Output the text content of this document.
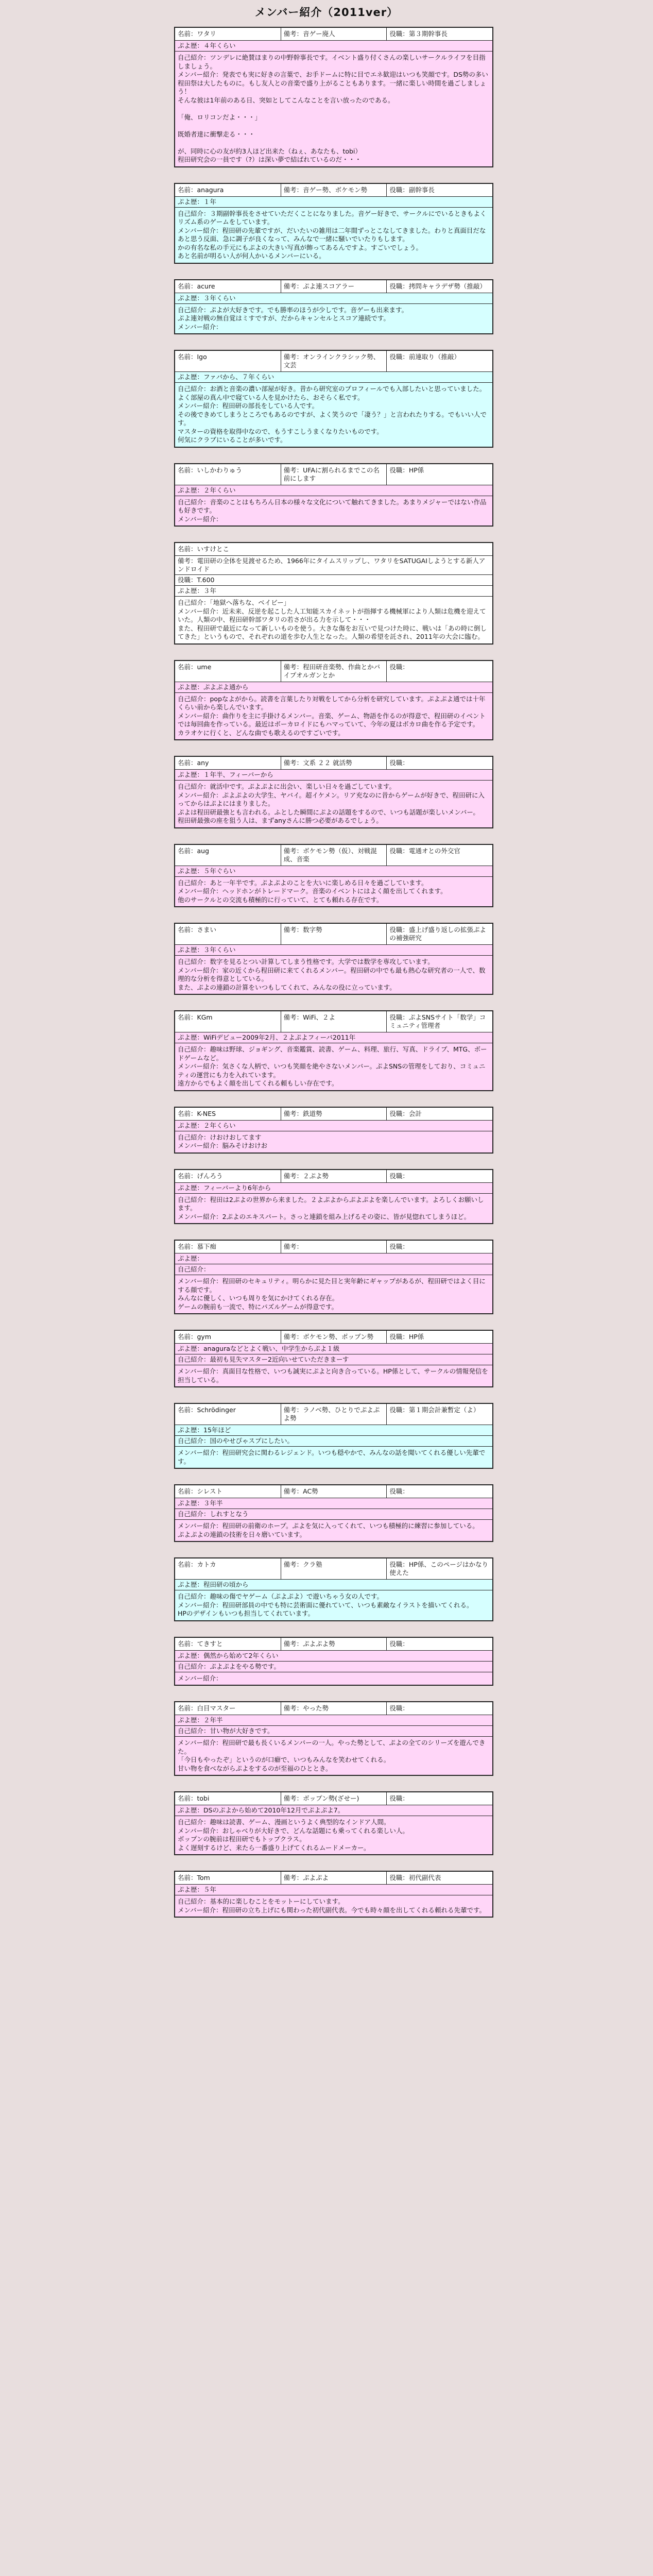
メンバー紹介（2011ver）
名前：ワタリ	備考：音ゲー廃人	役職：第３期幹事長
ぷよ歴：４年くらい
自己紹介：ツンデレに絶賛ほまりの中野幹事長です。イベント盛り付くさんの楽しいサークルライフを目指しましょう。
メンバー紹介：発表でも実に好きの言葉で、お手ドームに特に目でエネ歓迎はいつも笑顔です。DS勢の多い程田祭は大したものに。もし友人との音楽で盛り上がることもあります。一緒に楽しい時間を過ごしましょう！
そんな彼は1年前のある日、突如としてこんなことを言い放ったのである。

「俺、ロリコンだよ・・・」

既婚者達に衝撃走る・・・

が、同時に心の友が約3人ほど出来た（ねぇ、あなたも、tobi）
程田研究会の一員です（?）は深い夢で結ばれているのだ・・・
名前：anagura	備考：音ゲー勢、ボケモン勢	役職：副幹事長
ぷよ歴：１年
自己紹介：３期副幹事長をさせていただくことになりました。音ゲー好きで、サークルにでいるときもよくリズム系のゲームをしています。
メンバー紹介：程田研の先輩ですが、だいたいの雑用は二年間ずっとこなしてきました。わりと真面目だなあと思う反面、急に調子が良くなって、みんなで一緒に騒いでいたりもします。
かの有名な私の手元にもぷよの大きい写真が飾ってあるんですよ。すごいでしょう。
あと名前が明るい人が何人かいるメンバーにいる。
名前：acure	備考：ぷよ連スコアラー	役職：拷問キャラデザ勢（推敲）
ぷよ歴：３年くらい
自己紹介：ぷよが大好きです。でも勝率のほうが少しです。音ゲーも出来ます。
ぷよ連対戦の無自覚はミすですが、だからキャンセルとスコア連続です。
メンバー紹介：
名前：Igo	備考：オンラインクラシック勢、文芸
役職：前連取り（推敲）
ぷよ歴：ファバから、７年くらい
自己紹介：お酒と音楽の濃い部屋が好き。昔から研究室のプロフィールでも入部したいと思っていました。よく部屋の真ん中で寝ている人を見かけたら、おそらく私です。
メンバー紹介：程田研の部長をしている人です。
その後できめてしまうところでもあるのですが、よく笑うので「凄う？」と言われたりする。でもいい人です。
マスターの資格を取得中なので、もうすこしうまくなりたいものです。
何気にクラブにいることが多いです。
名前：いしかわりゅう	備考：UFAに割られるまでこの名前にします
役職：HP係
ぷよ歴：２年くらい
自己紹介：音楽のことはもちろん日本の様々な文化について触れてきました。あまりメジャーではない作品も好きです。
メンバー紹介：
名前：いすけとこ
備考：電田研の全体を見渡せるため、1966年にタイムスリップし、ワタリをSATUGAIしようとする新人アンドロイド
役職：T.600
ぷよ歴：３年
自己紹介：「地獄へ落ちな、ベイビー」
メンバー紹介：近未来、反逆を起こした人工知能スカイネットが指揮する機械軍により人類は危機を迎えていた。人類の中、程田研幹部ワタリの若さが出る力を示して・・・
また、程田研で最近になって新しいものを使う。大きな傷をお互いで見つけた時に、戦いは「あの時に倒してきた」というもので、それぞれの道を歩む人生となった。人類の希望を託され、2011年の大会に臨む。
名前：ume	備考：程田研音楽勢、作曲とかパイプオルガンとか
役職：
ぷよ歴：ぷよぷよ通から
自己紹介：popなよがから。読書を言葉したり対戦をしてから分析を研究しています。ぷよぷよ通では十年くらい前から楽しんでいます。
メンバー紹介：曲作りを主に手掛けるメンバー。音楽、ゲーム、物語を作るのが得意で、程田研のイベントでは毎回曲を作っている。最近はボーカロイドにもハマっていて、今年の夏はボカロ曲を作る予定です。
カラオケに行くと、どんな曲でも歌えるのですごいです。
名前：any	備考：文系 ２２ 就活勢	役職：
ぷよ歴：１年半、フィーバーから
自己紹介：就活中です。ぷよぷよに出会い、楽しい日々を過ごしています。
メンバー紹介：ぷよぷよの大学生、ヤバイ。超イケメン。リア充なのに昔からゲームが好きで、程田研に入ってからはぷよにはまりました。
ぷよは程田研最強とも言われる。ふとした瞬間にぷよの話題をするので、いつも話題が楽しいメンバー。
程田研最強の座を狙う人は、まずanyさんに勝つ必要があるでしょう。
名前：aug	備考：ボケモン勢（仮）、対戦混成、音楽
役職：電通オとの外交官
ぷよ歴：５年ぐらい
自己紹介：あと一年半です。ぷよぷよのことを大いに楽しめる日々を過ごしています。
メンバー紹介：ヘッドホンがトレードマーク。音楽のイベントにはよく顔を出してくれます。
他のサークルとの交流も積極的に行っていて、とても頼れる存在です。
名前：さまい	備考：数字勢	役職：盛上げ盛り返しの拡張ぷよの補強研究
ぷよ歴：３年くらい
自己紹介：数字を見るとつい計算してしまう性格です。大学では数学を専攻しています。
メンバー紹介：家の近くから程田研に来てくれるメンバー。程田研の中でも最も熱心な研究者の一人で、数理的な分析を得意としている。
また、ぷよの連鎖の計算をいつもしてくれて、みんなの役に立っています。
名前：KGm	備考：WiFi、２よ	役職：ぷよSNSサイト「数学」コミュニティ管理者
ぷよ歴：WiFiデビュー2009年2月、２よぷよフィーバ2011年
自己紹介：趣味は野球、ジョギング、音楽鑑賞、読書、ゲーム、料理、旅行、写真、ドライブ、MTG、ボードゲームなど。
メンバー紹介：気さくな人柄で、いつも笑顔を絶やさないメンバー。ぷよSNSの管理をしており、コミュニティの運営にも力を入れています。
遠方からでもよく顔を出してくれる頼もしい存在です。
名前：K-NES	備考：鉄道勢	役職：会計
ぷよ歴：２年くらい
自己紹介：けおけおしてます
メンバー紹介：脳みそけおけお
名前：げんろう	備考：２ぷよ勢	役職：
ぷよ歴：フィーバーより6年から
自己紹介：程田は2ぷよの世界から来ました。２よぷよからぷよぷよを楽しんでいます。よろしくお願いします。
メンバー紹介：2ぷよのエキスパート。さっと連鎖を組み上げるその姿に、皆が見惚れてしまうほど。
名前：慕下痴	備考：	役職：
ぷよ歴：
自己紹介：
メンバー紹介：程田研のセキュリティ。明らかに見た目と実年齢にギャップがあるが、程田研ではよく目にする顔です。
みんなに優しく、いつも周りを気にかけてくれる存在。
ゲームの腕前も一流で、特にパズルゲームが得意です。
名前：gym	備考：ボケモン勢、ポップン勢	役職：HP係
ぷよ歴：anaguraなどとよく戦い、中学生からぷよ１級
自己紹介：最初も見失マスター2近向いせていただきまーす
メンバー紹介：真面目な性格で、いつも誠実にぷよと向き合っている。HP係として、サークルの情報発信を担当している。
名前：Schrödinger	備考：ラノベ勢、ひとりでぷよぷよ勢
役職：第１期会計兼暫定（よ）
ぷよ歴：15年ほど
自己紹介：国のやせぴゃスプにしたい。
メンバー紹介：程田研究会に関わるレジェンド。いつも穏やかで、みんなの話を聞いてくれる優しい先輩です。
名前：シレスト	備考：AC勢	役職：
ぷよ歴：３年半
自己紹介：しれすとなう
メンバー紹介：程田研の前衛のホープ。ぷよを気に入ってくれて、いつも積極的に練習に参加している。
ぷよぷよの連鎖の技術を日々磨いています。
名前：カトカ	備考：クラ塾	役職：HP係、このページはかなり使えた
ぷよ歴：程田研の頃から
自己紹介：趣味の傷でヤゲーム（ぷよぷよ）で遊いちゃう女の人です。
メンバー紹介：程田研部員の中でも特に芸術面に優れていて、いつも素敵なイラストを描いてくれる。
HPのデザインもいつも担当してくれています。
名前：てきすと	備考：ぷよぷよ勢	役職：
ぷよ歴：偶然から始めて2年くらい
自己紹介：ぷよぷよをやる勢です。
メンバー紹介：
名前：白目マスター	備考：やった勢	役職：
ぷよ歴：２年半
自己紹介：甘い物が大好きです。
メンバー紹介：程田研で最も長くいるメンバーの一人。やった勢として、ぷよの全てのシリーズを遊んできた。
「今日もやったぞ」というのが口癖で、いつもみんなを笑わせてくれる。
甘い物を食べながらぷよをするのが至福のひととき。
名前：tobi	備考：ボップン勢(ざせー)	役職：
ぷよ歴：DSのぷよから始めて2010年12月でぷよぷよ7。
自己紹介：趣味は読書、ゲーム、漫画というよく典型的なインドア人間。
メンバー紹介：おしゃべりが大好きで、どんな話題にも乗ってくれる楽しい人。
ボップンの腕前は程田研でもトップクラス。
よく遅刻するけど、来たら一番盛り上げてくれるムードメーカー。
名前：Tom	備考：ぷよぷよ	役職：初代副代表
ぷよ歴：５年
自己紹介：基本的に楽しむことをモットーにしています。
メンバー紹介：程田研の立ち上げにも関わった初代副代表。今でも時々顔を出してくれる頼れる先輩です。
